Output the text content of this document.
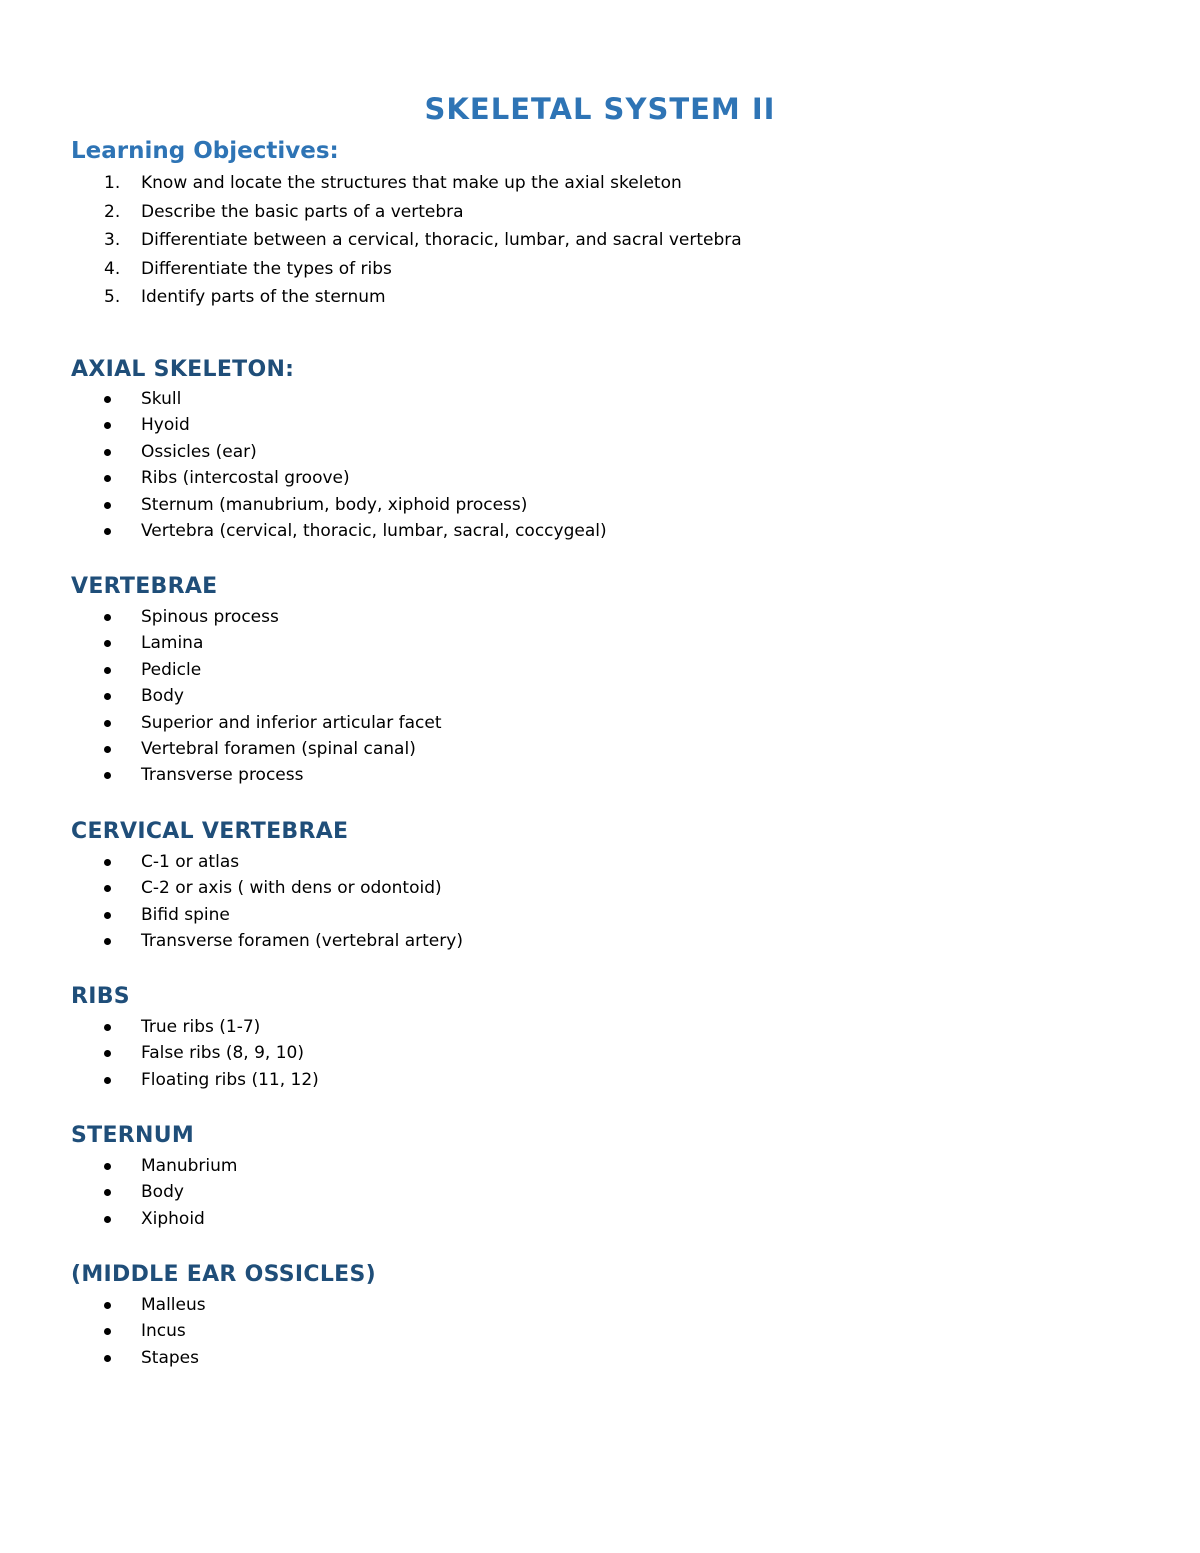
SKELETAL SYSTEM II
Learning Objectives:
1.	Know and locate the structures that make up the axial skeleton
2.	Describe the basic parts of a vertebra
3.	Differentiate between a cervical, thoracic, lumbar, and sacral vertebra
4.	Differentiate the types of ribs
5.	Identify parts of the sternum
AXIAL SKELETON:
Skull
Hyoid
Ossicles (ear)
Ribs (intercostal groove)
Sternum (manubrium, body, xiphoid process)
Vertebra (cervical, thoracic, lumbar, sacral, coccygeal)
VERTEBRAE
Spinous process
Lamina
Pedicle
Body
Superior and inferior articular facet
Vertebral foramen (spinal canal)
Transverse process
CERVICAL VERTEBRAE
C-1 or atlas
C-2 or axis ( with dens or odontoid)
Bifid spine
Transverse foramen (vertebral artery)
RIBS
True ribs (1-7)
False ribs (8, 9, 10)
Floating ribs (11, 12)
STERNUM
Manubrium
Body
Xiphoid
(MIDDLE EAR OSSICLES)
Malleus
Incus
Stapes
